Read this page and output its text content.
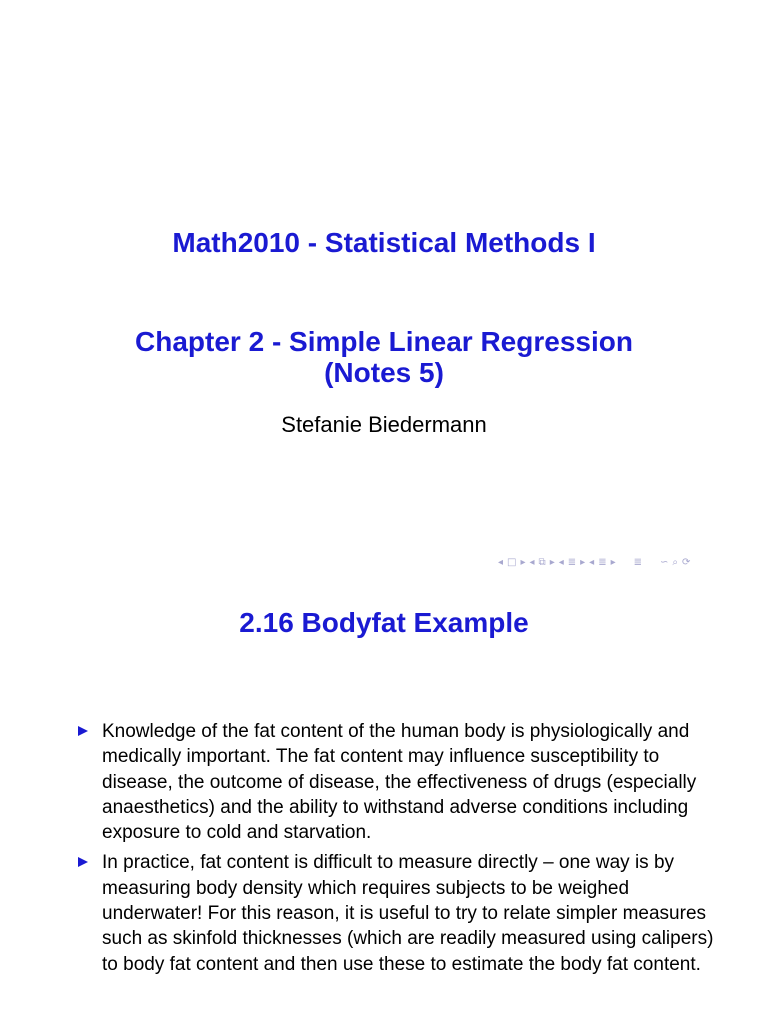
Math2010 - Statistical Methods I
Chapter 2 - Simple Linear Regression
(Notes 5)
Stefanie Biedermann
◂ □ ▸ ◂ ⧉ ▸ ◂ ≣ ▸ ◂ ≣ ▸ ≣ ∽ ⌕ ⟳
2.16 Bodyfat Example
Knowledge of the fat content of the human body is physiologically and medically important. The fat content may influence susceptibility to disease, the outcome of disease, the effectiveness of drugs (especially anaesthetics) and the ability to withstand adverse conditions including exposure to cold and starvation.
In practice, fat content is difficult to measure directly – one way is by measuring body density which requires subjects to be weighed underwater! For this reason, it is useful to try to relate simpler measures such as skinfold thicknesses (which are readily measured using calipers) to body fat content and then use these to estimate the body fat content.
